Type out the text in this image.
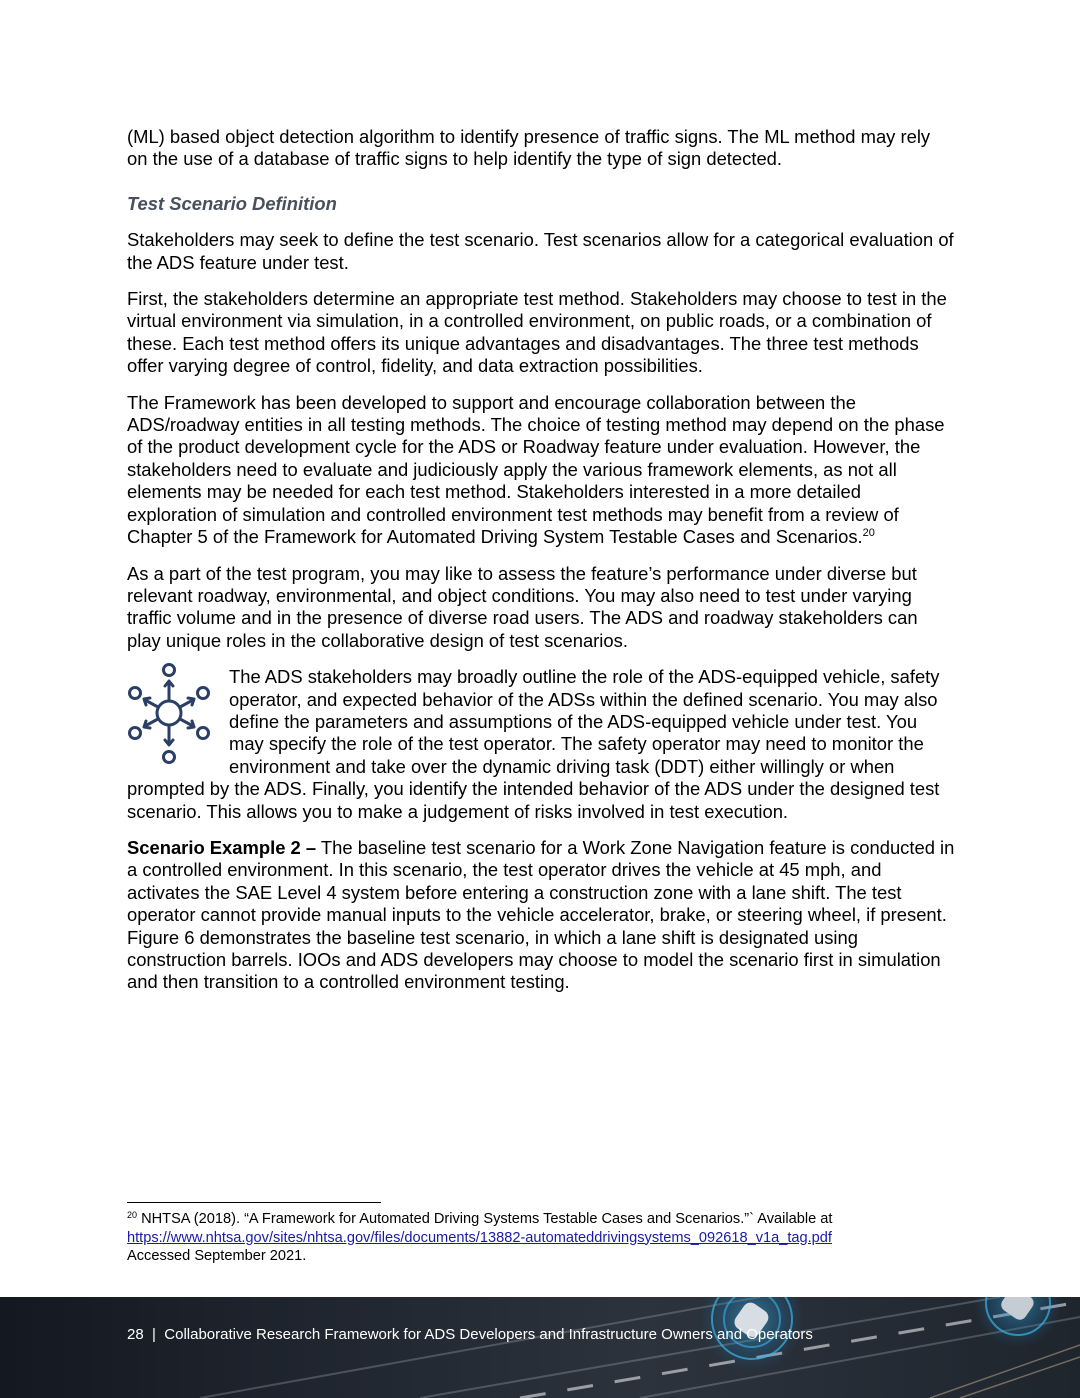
(ML) based object detection algorithm to identify presence of traffic signs. The ML method may rely on the use of a database of traffic signs to help identify the type of sign detected.

Test Scenario Definition

Stakeholders may seek to define the test scenario. Test scenarios allow for a categorical evaluation of the ADS feature under test.

First, the stakeholders determine an appropriate test method. Stakeholders may choose to test in the virtual environment via simulation, in a controlled environment, on public roads, or a combination of these. Each test method offers its unique advantages and disadvantages. The three test methods offer varying degree of control, fidelity, and data extraction possibilities.

The Framework has been developed to support and encourage collaboration between the ADS/roadway entities in all testing methods. The choice of testing method may depend on the phase of the product development cycle for the ADS or Roadway feature under evaluation. However, the stakeholders need to evaluate and judiciously apply the various framework elements, as not all elements may be needed for each test method. Stakeholders interested in a more detailed exploration of simulation and controlled environment test methods may benefit from a review of Chapter 5 of the Framework for Automated Driving System Testable Cases and Scenarios.$^{20}$

As a part of the test program, you may like to assess the feature’s performance under diverse but relevant roadway, environmental, and object conditions. You may also need to test under varying traffic volume and in the presence of diverse road users. The ADS and roadway stakeholders can play unique roles in the collaborative design of test scenarios.

The ADS stakeholders may broadly outline the role of the ADS-equipped vehicle, safety operator, and expected behavior of the ADSs within the defined scenario. You may also define the parameters and assumptions of the ADS-equipped vehicle under test. You may specify the role of the test operator. The safety operator may need to monitor the environment and take over the dynamic driving task (DDT) either willingly or when prompted by the ADS. Finally, you identify the intended behavior of the ADS under the designed test scenario. This allows you to make a judgement of risks involved in test execution.

Scenario Example 2 – The baseline test scenario for a Work Zone Navigation feature is conducted in a controlled environment. In this scenario, the test operator drives the vehicle at 45 mph, and activates the SAE Level 4 system before entering a construction zone with a lane shift. The test operator cannot provide manual inputs to the vehicle accelerator, brake, or steering wheel, if present. Figure 6 demonstrates the baseline test scenario, in which a lane shift is designated using construction barrels. IOOs and ADS developers may choose to model the scenario first in simulation and then transition to a controlled environment testing.

$^{20}$ NHTSA (2018). “A Framework for Automated Driving Systems Testable Cases and Scenarios.”` Available at
https://www.nhtsa.gov/sites/nhtsa.gov/files/documents/13882-automateddrivingsystems_092618_v1a_tag.pdf
Accessed September 2021.
28 | Collaborative Research Framework for ADS Developers and Infrastructure Owners and Operators
